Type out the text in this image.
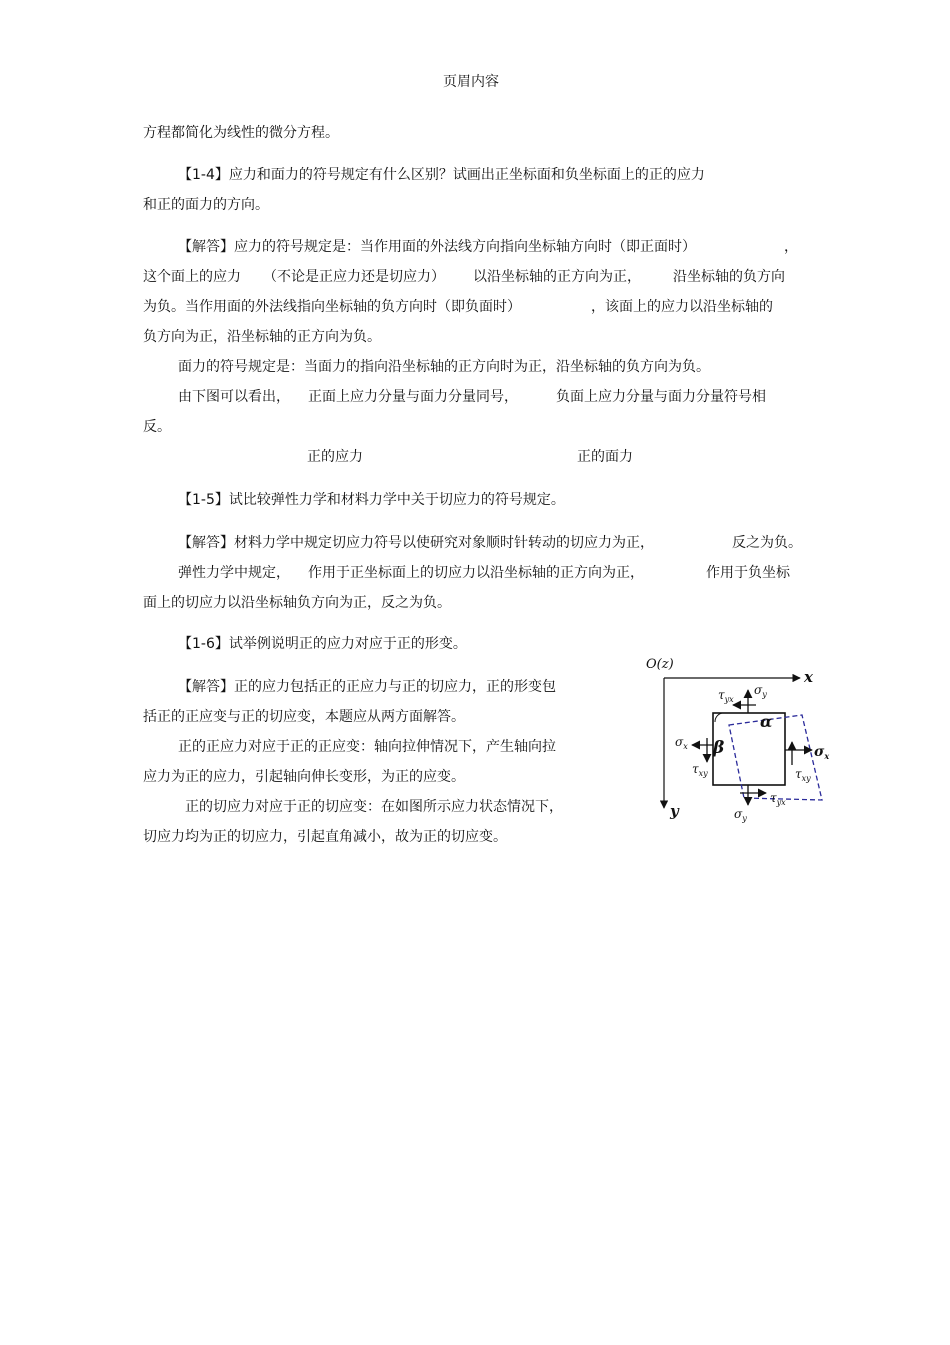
页眉内容
方程都简化为线性的微分方程。
【1-4】应力和面力的符号规定有什么区别？试画出正坐标面和负坐标面上的正的应力
和正的面力的方向。
【解答】应力的符号规定是：当作用面的外法线方向指向坐标轴方向时（即正面时）	，
这个面上的应力 （不论是正应力还是切应力） 以沿坐标轴的正方向为正， 沿坐标轴的负方向
为负。当作用面的外法线指向坐标轴的负方向时（即负面时）	，该面上的应力以沿坐标轴的
负方向为正，沿坐标轴的正方向为负。
面力的符号规定是：当面力的指向沿坐标轴的正方向时为正，沿坐标轴的负方向为负。
由下图可以看出， 正面上应力分量与面力分量同号，	负面上应力分量与面力分量符号相
反。
正的应力	正的面力
【1-5】试比较弹性力学和材料力学中关于切应力的符号规定。
【解答】材料力学中规定切应力符号以使研究对象顺时针转动的切应力为正，	反之为负。
弹性力学中规定， 作用于正坐标面上的切应力以沿坐标轴的正方向为正，	作用于负坐标
面上的切应力以沿坐标轴负方向为正，反之为负。
【1-6】试举例说明正的应力对应于正的形变。
【解答】正的应力包括正的正应力与正的切应力，正的形变包
括正的正应变与正的切应变，本题应从两方面解答。
正的正应力对应于正的正应变：轴向拉伸情况下，产生轴向拉
应力为正的应力，引起轴向伸长变形，为正的应变。
正的切应力对应于正的切应变：在如图所示应力状态情况下，
切应力均为正的切应力，引起直角减小，故为正的切应变。
O(z)
x
y
$\tau_{yx}$
$\sigma_y$
α
$\sigma_x$ β
$\tau_{xy}$
$\sigma_x$
$\tau_{xy}$
$\tau_{yx}$
$\sigma_y$
